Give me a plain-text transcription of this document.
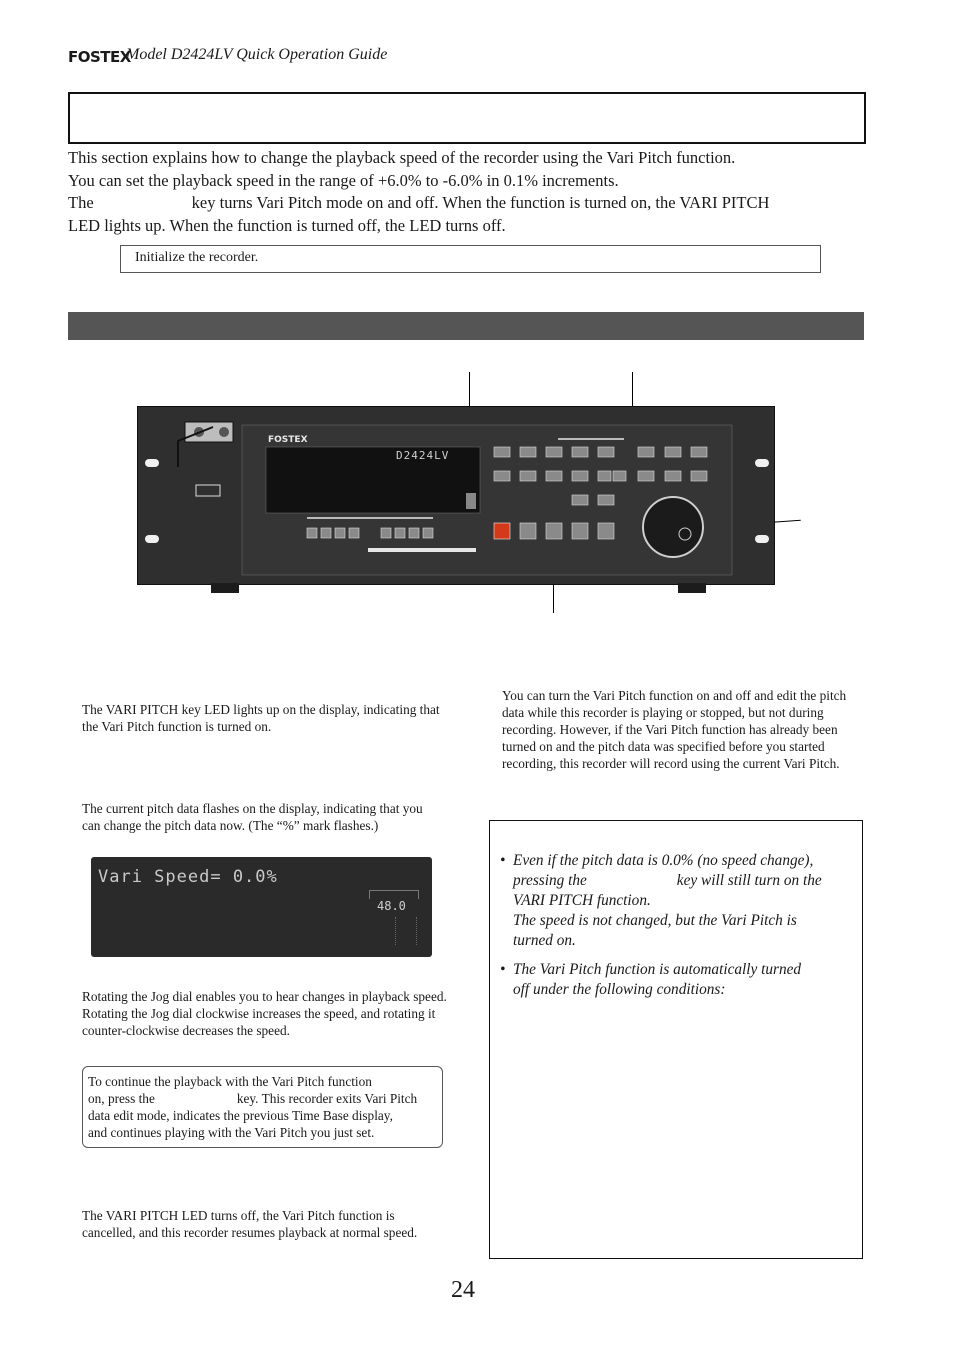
FOSTEX
Model D2424LV Quick Operation Guide

This section explains how to change the playback speed of the recorder using the Vari Pitch function.

You can set the playback speed in the range of +6.0% to -6.0% in 0.1% increments.

The	key turns Vari Pitch mode on and off. When the function is turned on, the VARI PITCH

LED lights up. When the function is turned off, the LED turns off.

Initialize the recorder.
FOSTEX
D2424LV
The VARI PITCH key LED lights up on the display, indicating that the Vari Pitch function is turned on.
The current pitch data flashes on the display, indicating that you can change the pitch data now. (The “%” mark flashes.)
Vari Speed= 0.0%
48.0
Rotating the Jog dial enables you to hear changes in playback speed. Rotating the Jog dial clockwise increases the speed, and rotating it counter-clockwise decreases the speed.
To continue the playback with the Vari Pitch function
on, press the	key. This recorder exits Vari Pitch
data edit mode, indicates the previous Time Base display,
and continues playing with the Vari Pitch you just set.
The VARI PITCH LED turns off, the Vari Pitch function is cancelled, and this recorder resumes playback at normal speed.
You can turn the Vari Pitch function on and off and edit the pitch data while this recorder is playing or stopped, but not during recording. However, if the Vari Pitch function has already been turned on and the pitch data was specified before you started recording, this recorder will record using the current Vari Pitch.
• Even if the pitch data is 0.0% (no speed change),
pressing the	key will still turn on the
VARI PITCH function.
The speed is not changed, but the Vari Pitch is
turned on.
• The Vari Pitch function is automatically turned
off under the following conditions:
24
